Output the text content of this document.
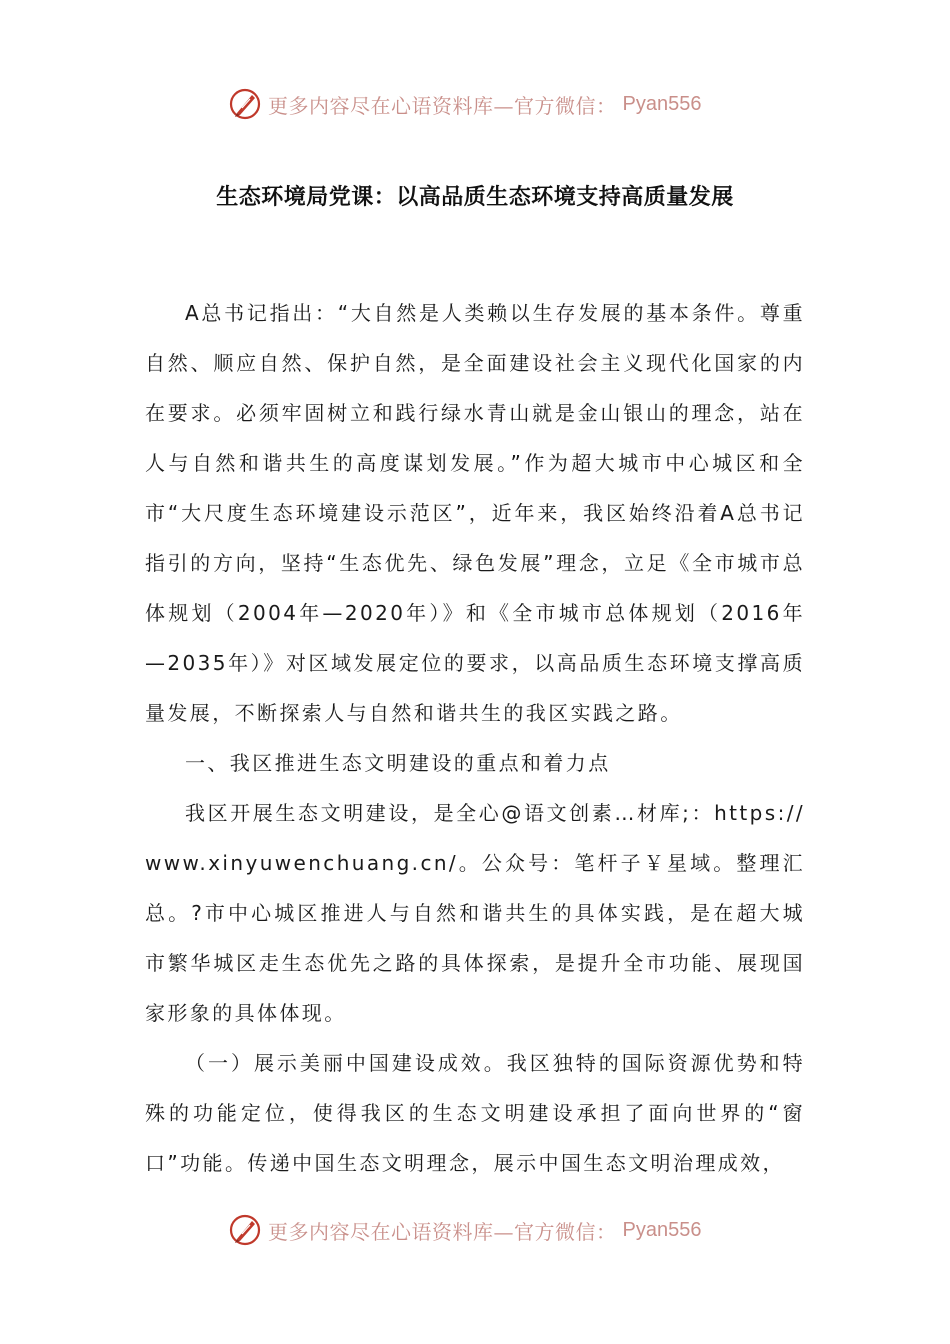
更多内容尽在心语资料库—官方微信： Pyan556
生态环境局党课：以高品质生态环境支持高质量发展

A总书记指出：“大自然是人类赖以生存发展的基本条件。尊重自然、顺应自然、保护自然，是全面建设社会主义现代化国家的内在要求。必须牢固树立和践行绿水青山就是金山银山的理念，站在人与自然和谐共生的高度谋划发展。”作为超大城市中心城区和全市“大尺度生态环境建设示范区”，近年来，我区始终沿着A总书记指引的方向，坚持“生态优先、绿色发展”理念，立足《全市城市总体规划（2004年—2020年）》和《全市城市总体规划（2016年—2035年）》对区域发展定位的要求，以高品质生态环境支撑高质量发展，不断探索人与自然和谐共生的我区实践之路。

一、我区推进生态文明建设的重点和着力点

我区开展生态文明建设，是全心@语文创素…材库;：https://www.xinyuwenchuang.cn/。公众号：笔杆子￥星域。整理汇总。?市中心城区推进人与自然和谐共生的具体实践，是在超大城市繁华城区走生态优先之路的具体探索，是提升全市功能、展现国家形象的具体体现。

（一）展示美丽中国建设成效。我区独特的国际资源优势和特殊的功能定位，使得我区的生态文明建设承担了面向世界的“窗口”功能。传递中国生态文明理念，展示中国生态文明治理成效，

更多内容尽在心语资料库—官方微信： Pyan556
